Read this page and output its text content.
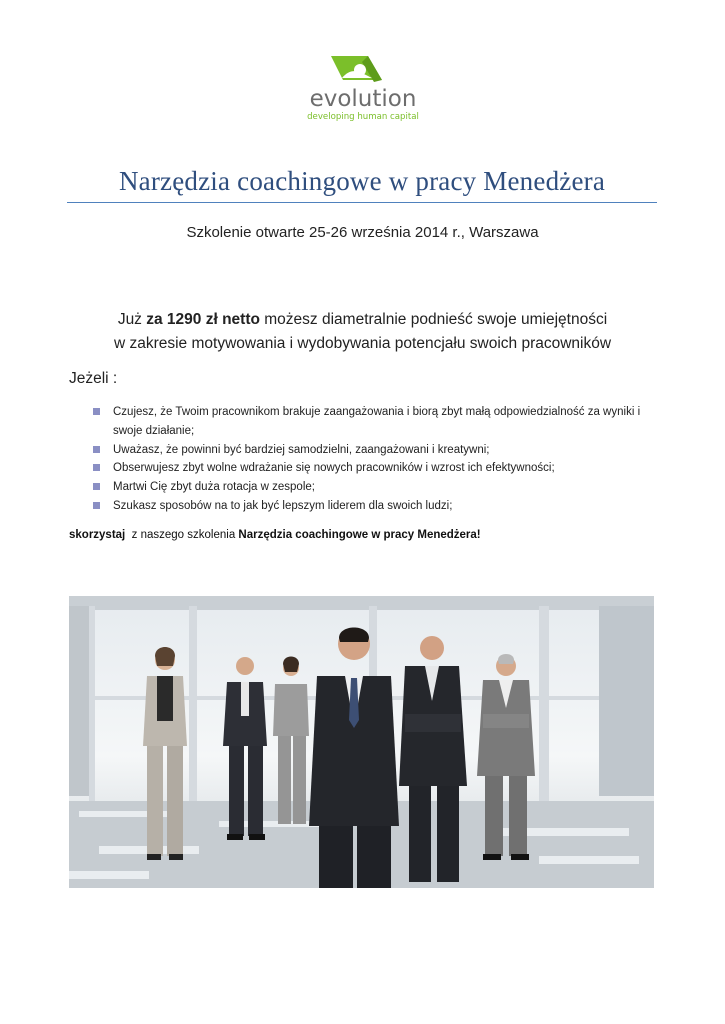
evolution
developing human capital
Narzędzia coachingowe w pracy Menedżera
Szkolenie otwarte 25-26 września 2014 r., Warszawa
Już za 1290 zł netto możesz diametralnie podnieść swoje umiejętności
w zakresie motywowania i wydobywania potencjału swoich pracowników
Jeżeli :
Czujesz, że Twoim pracownikom brakuje zaangażowania i biorą zbyt małą odpowiedzialność za wyniki i swoje działanie;
Uważasz, że powinni być bardziej samodzielni, zaangażowani i kreatywni;
Obserwujesz zbyt wolne wdrażanie się nowych pracowników i wzrost ich efektywności;
Martwi Cię zbyt duża rotacja w zespole;
Szukasz sposobów na to jak być lepszym liderem dla swoich ludzi;
skorzystaj  z naszego szkolenia Narzędzia coachingowe w pracy Menedżera!
